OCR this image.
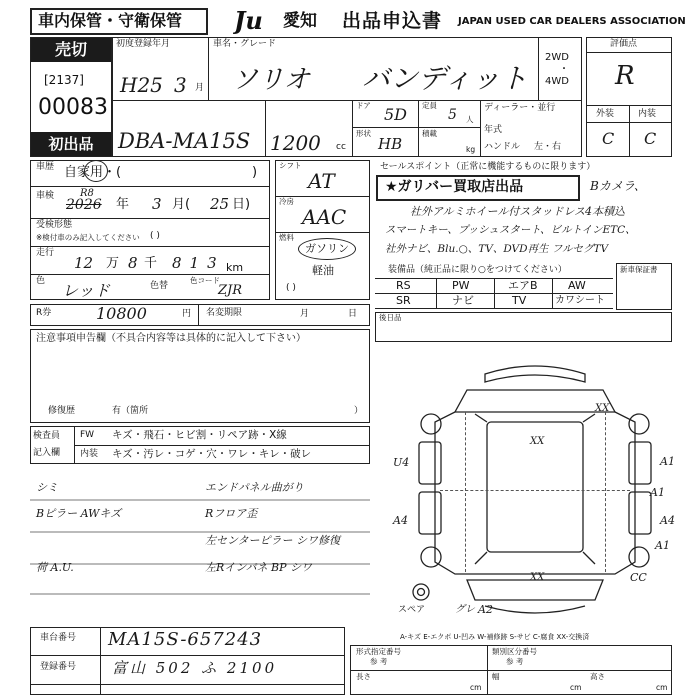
車内保管・守衛保管 Ju 愛知 出品申込書 JAPAN USED CAR DEALERS ASSOCIATION
売切
[2137]
00083
初出品
初度登録年月
H25 3 月
車名・グレード
ソリオ バンディット
2WD
・
4WD
DBA-MA15S 1200 cc
ドア 5D 定員
5 人
形状
HB
積載
kg
ディーラー・並行
年式
ハンドル 左・右
評価点
R
外装	内装
C C
車歴 自家用・(	)
車検	R8
2026 年 3 月( 25 日)
受検形態
※検付車のみ記入してください ( )
走行
12 万 8 千 813 km
色 レッド	色替
色コード
ZJR
シフト
AT
冷房
AAC
燃料
ガソリン
軽油
( )
R券	10800	円 名変期限	月	日
注意事項申告欄（不具合内容等は具体的に記入して下さい）
修復歴	有（箇所	）
セールスポイント（正常に機能するものに限ります）
★ガリバー買取店出品	Bカメラ、
社外アルミホイール付スタッドレス4本積込
スマートキー、プッシュスタート、ビルトインETC、
社外ナビ、Blu.○、TV、DVD再生 フルセグTV
装備品（純正品に限り○をつけてください）
RS	PW	エアB	AW
SR	ナビ	TV	カワシート
新車保証書
後日品
検査員
記入欄
FW キズ・飛石・ヒビ割・リペア跡・X線
内装 キズ・汚レ・コゲ・穴・ワレ・キレ・破レ
シミ
Bピラー AWキズ
エンドパネル曲がり
Rフロア歪
左センターピラー シワ修復
左Rインパネ BP シワ
荷 A.U.
XX
A1
A1
A4
A1
XX
U4
A4
CC
XX
A2
スペア	グレ
A-キズ E-エクボ U-凹み W-補修跡 S-サビ C-腐食 XX-交換済
車台番号 MA15S-657243
登録番号 富山 502 ふ 2100
形式指定番号
参 考
類別区分番号
参 考
長さ
cm
幅
cm
高さ
cm
